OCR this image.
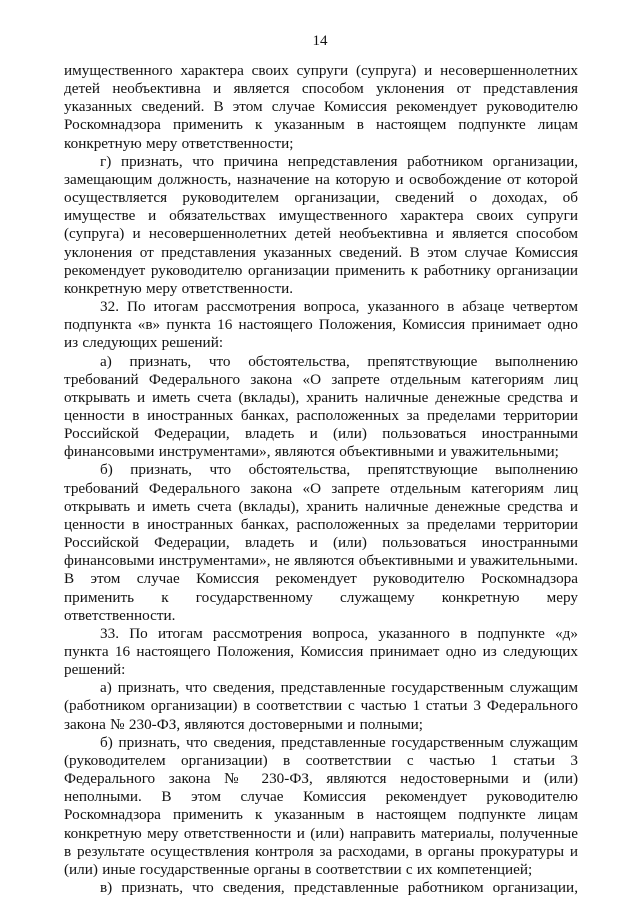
14

имущественного характера своих супруги (супруга) и несовершеннолетних детей необъективна и является способом уклонения от представления указанных сведений. В этом случае Комиссия рекомендует руководителю Роскомнадзора применить к указанным в настоящем подпункте лицам конкретную меру ответственности;

г) признать, что причина непредставления работником организации, замещающим должность, назначение на которую и освобождение от которой осуществляется руководителем организации, сведений о доходах, об имуществе и обязательствах имущественного характера своих супруги (супруга) и несовершеннолетних детей необъективна и является способом уклонения от представления указанных сведений. В этом случае Комиссия рекомендует руководителю организации применить к работнику организации конкретную меру ответственности.

32. По итогам рассмотрения вопроса, указанного в абзаце четвертом подпункта «в» пункта 16 настоящего Положения, Комиссия принимает одно из следующих решений:

а) признать, что обстоятельства, препятствующие выполнению требований Федерального закона «О запрете отдельным категориям лиц открывать и иметь счета (вклады), хранить наличные денежные средства и ценности в иностранных банках, расположенных за пределами территории Российской Федерации, владеть и (или) пользоваться иностранными финансовыми инструментами», являются объективными и уважительными;

б) признать, что обстоятельства, препятствующие выполнению требований Федерального закона «О запрете отдельным категориям лиц открывать и иметь счета (вклады), хранить наличные денежные средства и ценности в иностранных банках, расположенных за пределами территории Российской Федерации, владеть и (или) пользоваться иностранными финансовыми инструментами», не являются объективными и уважительными. В этом случае Комиссия рекомендует руководителю Роскомнадзора применить к государственному служащему конкретную меру ответственности.

33. По итогам рассмотрения вопроса, указанного в подпункте «д» пункта 16 настоящего Положения, Комиссия принимает одно из следующих решений:

а) признать, что сведения, представленные государственным служащим (работником организации) в соответствии с частью 1 статьи 3 Федерального закона № 230-ФЗ, являются достоверными и полными;

б) признать, что сведения, представленные государственным служащим (руководителем организации) в соответствии с частью 1 статьи 3 Федерального закона № 230-ФЗ, являются недостоверными и (или) неполными. В этом случае Комиссия рекомендует руководителю Роскомнадзора применить к указанным в настоящем подпункте лицам конкретную меру ответственности и (или) направить материалы, полученные в результате осуществления контроля за расходами, в органы прокуратуры и (или) иные государственные органы в соответствии с их компетенцией;

в) признать, что сведения, представленные работником организации,
